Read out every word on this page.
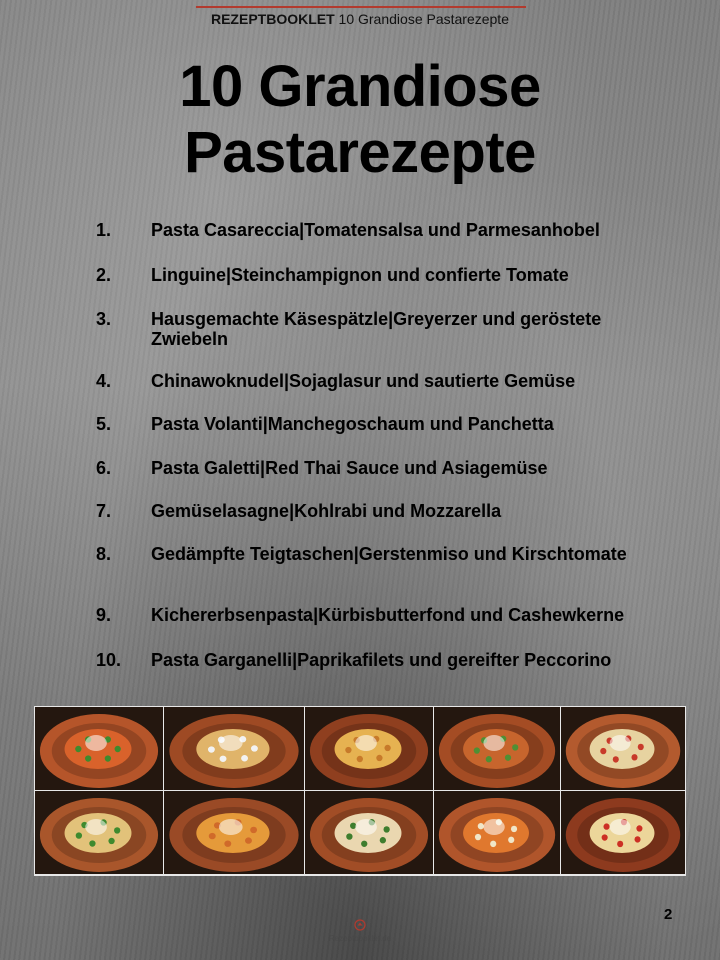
REZEPTBOOKLET 10 Grandiose Pastarezepte
10 Grandiose
Pastarezepte
1.	Pasta Casareccia|Tomatensalsa und Parmesanhobel
2.	Linguine|Steinchampignon und confierte Tomate
3.	Hausgemachte Käsespätzle|Greyerzer und geröstete Zwiebeln
4.	Chinawoknudel|Sojaglasur und sautierte Gemüse
5.	Pasta Volanti|Manchegoschaum und Panchetta
6.	Pasta Galetti|Red Thai Sauce und Asiagemüse
7.	Gemüselasagne|Kohlrabi und Mozzarella
8.	Gedämpfte Teigtaschen|Gerstenmiso und Kirschtomate
9.	Kichererbsenpasta|Kürbisbutterfond und Cashewkerne
10.	Pasta Garganelli|Paprikafilets und gereifter Peccorino
2
Rezeptbooklet.de
